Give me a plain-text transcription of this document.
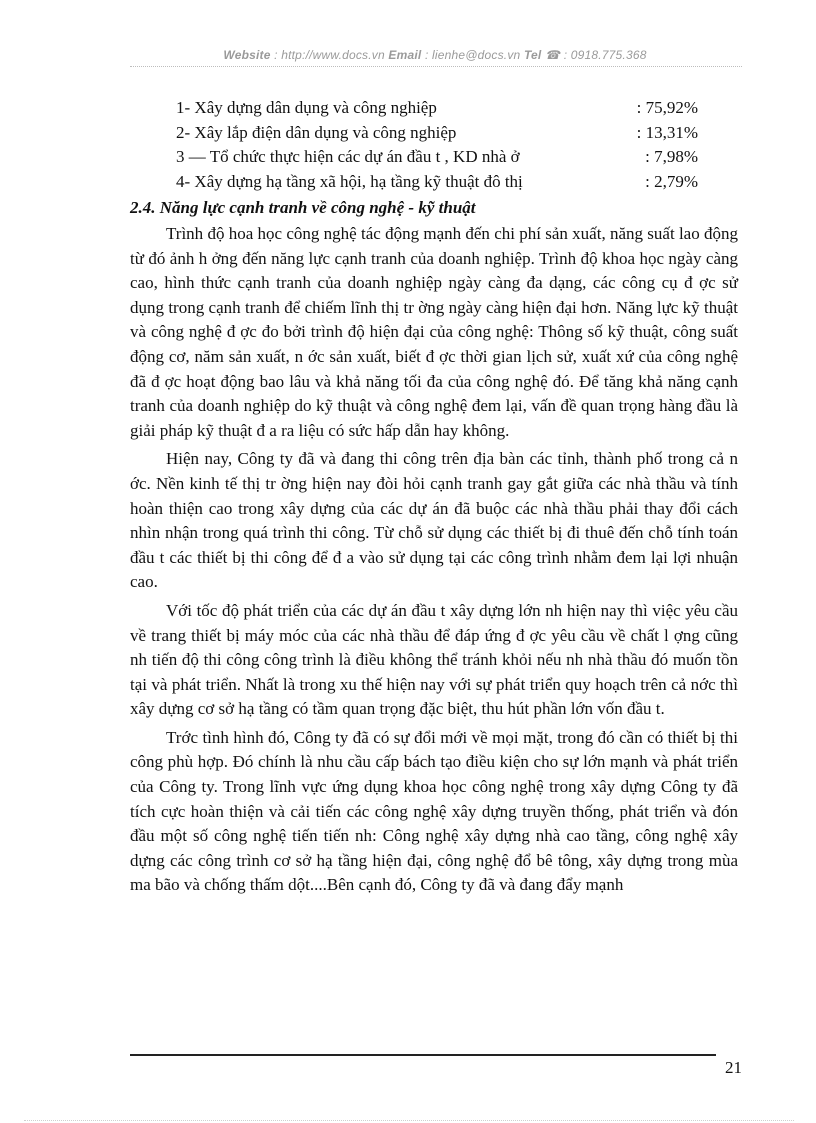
Website : http://www.docs.vn Email : lienhe@docs.vn Tel ☎ : 0918.775.368
1- Xây dựng dân dụng và công nghiệp	: 75,92%
2- Xây lắp điện dân dụng và công nghiệp	: 13,31%
3 — Tổ chức thực hiện các dự án đầu t , KD nhà ở	: 7,98%
4- Xây dựng hạ tầng xã hội, hạ tầng kỹ thuật đô thị	: 2,79%
2.4. Năng lực cạnh tranh về công nghệ - kỹ thuật

Trình độ hoa học công nghệ tác động mạnh đến chi phí sản xuất, năng suất lao động từ đó ảnh h ởng đến năng lực cạnh tranh của doanh nghiệp. Trình độ khoa học ngày càng cao, hình thức cạnh tranh của doanh nghiệp ngày càng đa dạng, các công cụ đ ợc sử dụng trong cạnh tranh để chiếm lĩnh thị tr ờng ngày càng hiện đại hơn. Năng lực kỹ thuật và công nghệ đ ợc đo bởi trình độ hiện đại của công nghệ: Thông số kỹ thuật, công suất động cơ, năm sản xuất, n ớc sản xuất, biết đ ợc thời gian lịch sử, xuất xứ của công nghệ đã đ ợc hoạt động bao lâu và khả năng tối đa của công nghệ đó. Để tăng khả năng cạnh tranh của doanh nghiệp do kỹ thuật và công nghệ đem lại, vấn đề quan trọng hàng đầu là giải pháp kỹ thuật đ a ra liệu có sức hấp dẫn hay không.

Hiện nay, Công ty đã và đang thi công trên địa bàn các tỉnh, thành phố trong cả n ớc. Nền kinh tế thị tr ờng hiện nay đòi hỏi cạnh tranh gay gắt giữa các nhà thầu và tính hoàn thiện cao trong xây dựng của các dự án đã buộc các nhà thầu phải thay đổi cách nhìn nhận trong quá trình thi công. Từ chỗ sử dụng các thiết bị đi thuê đến chỗ tính toán đầu t các thiết bị thi công để đ a vào sử dụng tại các công trình nhằm đem lại lợi nhuận cao.

Với tốc độ phát triển của các dự án đầu t xây dựng lớn nh hiện nay thì việc yêu cầu về trang thiết bị máy móc của các nhà thầu để đáp ứng đ ợc yêu cầu về chất l ợng cũng nh tiến độ thi công công trình là điều không thể tránh khỏi nếu nh nhà thầu đó muốn tồn tại và phát triển. Nhất là trong xu thế hiện nay với sự phát triển quy hoạch trên cả nớc thì xây dựng cơ sở hạ tầng có tầm quan trọng đặc biệt, thu hút phần lớn vốn đầu t.

Trớc tình hình đó, Công ty đã có sự đổi mới về mọi mặt, trong đó cần có thiết bị thi công phù hợp. Đó chính là nhu cầu cấp bách tạo điều kiện cho sự lớn mạnh và phát triển của Công ty. Trong lĩnh vực ứng dụng khoa học công nghệ trong xây dựng Công ty đã tích cực hoàn thiện và cải tiến các công nghệ xây dựng truyền thống, phát triển và đón đầu một số công nghệ tiến tiến nh: Công nghệ xây dựng nhà cao tầng, công nghệ xây dựng các công trình cơ sở hạ tầng hiện đại, công nghệ đổ bê tông, xây dựng trong mùa ma bão và chống thấm dột....Bên cạnh đó, Công ty đã và đang đẩy mạnh

21
